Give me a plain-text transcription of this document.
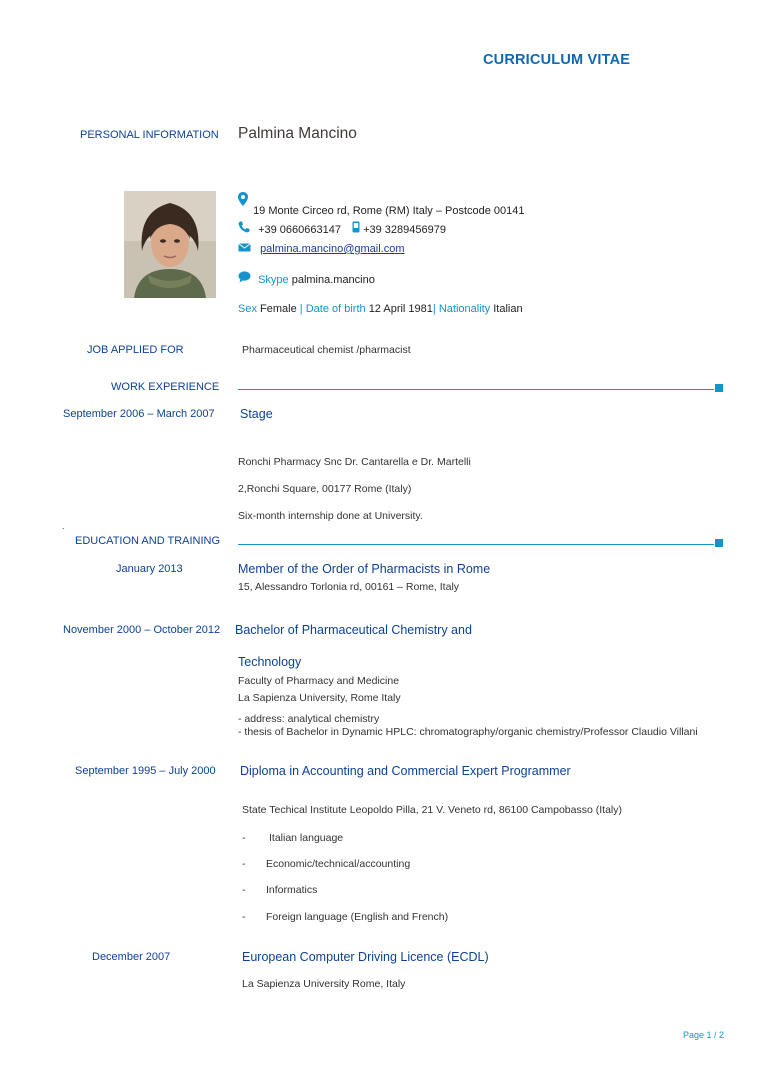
CURRICULUM VITAE
PERSONAL INFORMATION Palmina Mancino
19 Monte Circeo rd, Rome (RM) Italy – Postcode 00141
+39 0660663147 +39 3289456979
palmina.mancino@gmail.com
Skype palmina.mancino
Sex Female | Date of birth 12 April 1981| Nationality Italian
JOB APPLIED FOR	Pharmaceutical chemist /pharmacist
WORK EXPERIENCE
September 2006 – March 2007 Stage
Ronchi Pharmacy Snc Dr. Cantarella e Dr. Martelli
2,Ronchi Square, 00177 Rome (Italy)
Six-month internship done at University.
.
EDUCATION AND TRAINING
January 2013	Member of the Order of Pharmacists in Rome
15, Alessandro Torlonia rd, 00161 – Rome, Italy
November 2000 – October 2012 Bachelor of Pharmaceutical Chemistry and
Technology
Faculty of Pharmacy and Medicine
La Sapienza University, Rome Italy
- address: analytical chemistry
- thesis of Bachelor in Dynamic HPLC: chromatography/organic chemistry/Professor Claudio Villani
September 1995 – July 2000 Diploma in Accounting and Commercial Expert Programmer
State Techical Institute Leopoldo Pilla, 21 V. Veneto rd, 86100 Campobasso (Italy)
- Italian language
- Economic/technical/accounting
- Informatics
- Foreign language (English and French)
December 2007	European Computer Driving Licence (ECDL)
La Sapienza University Rome, Italy
Page 1 / 2
